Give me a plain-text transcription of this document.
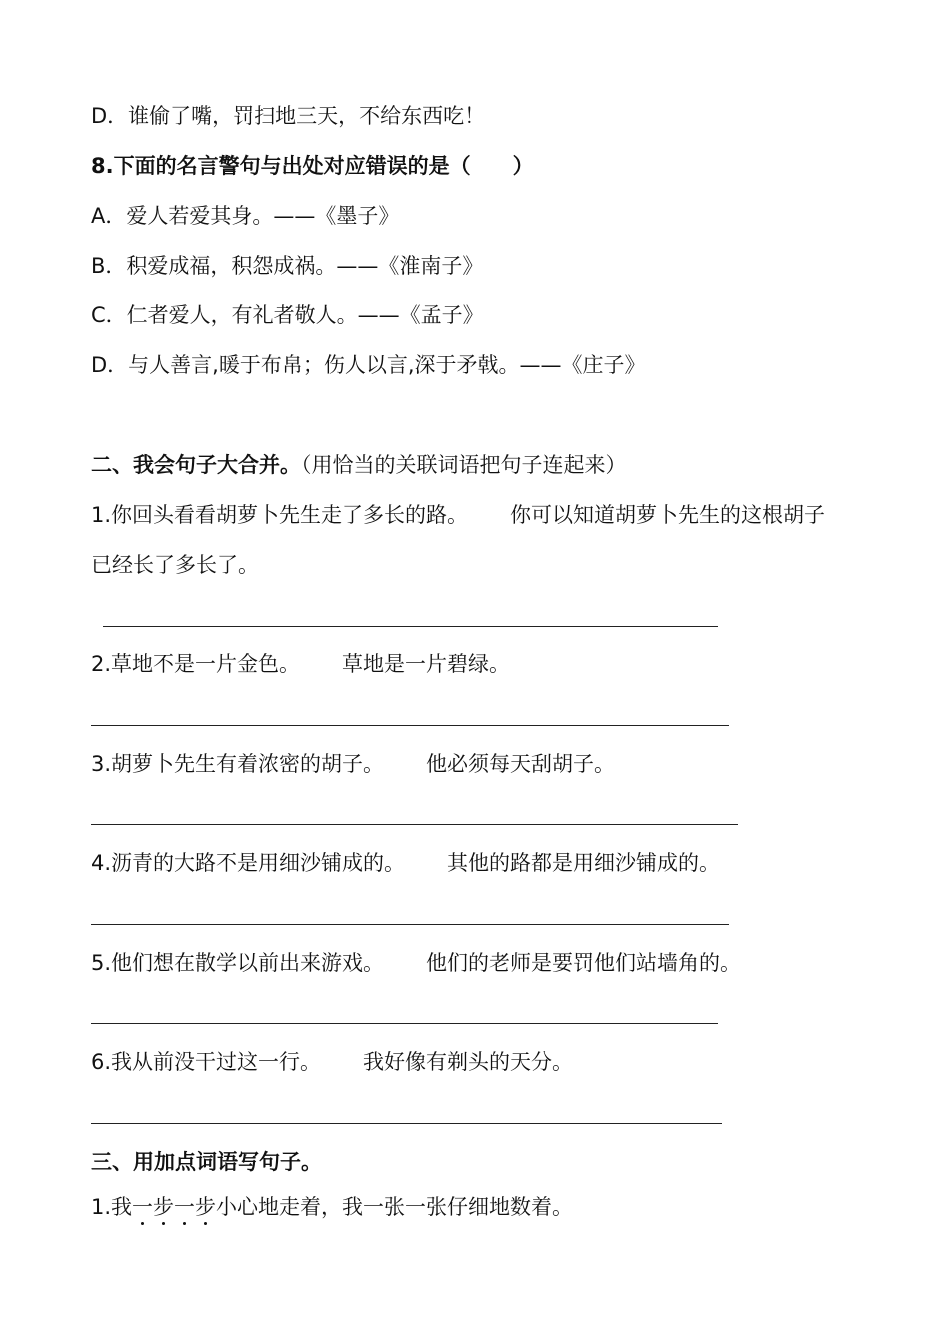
D．谁偷了嘴，罚扫地三天，不给东西吃！
8.下面的名言警句与出处对应错误的是（　　）
A．爱人若爱其身。——《墨子》
B．积爱成福，积怨成祸。——《淮南子》
C．仁者爱人，有礼者敬人。——《孟子》
D．与人善言,暖于布帛；伤人以言,深于矛戟。——《庄子》
二、我会句子大合并。（用恰当的关联词语把句子连起来）
1.你回头看看胡萝卜先生走了多长的路。 你可以知道胡萝卜先生的这根胡子
已经长了多长了。
2.草地不是一片金色。 草地是一片碧绿。
3.胡萝卜先生有着浓密的胡子。 他必须每天刮胡子。
4.沥青的大路不是用细沙铺成的。 其他的路都是用细沙铺成的。
5.他们想在散学以前出来游戏。 他们的老师是要罚他们站墙角的。
6.我从前没干过这一行。 我好像有剃头的天分。
三、用加点词语写句子。
1.我一步一步
小心地走着，我一张一张仔细地数着。
